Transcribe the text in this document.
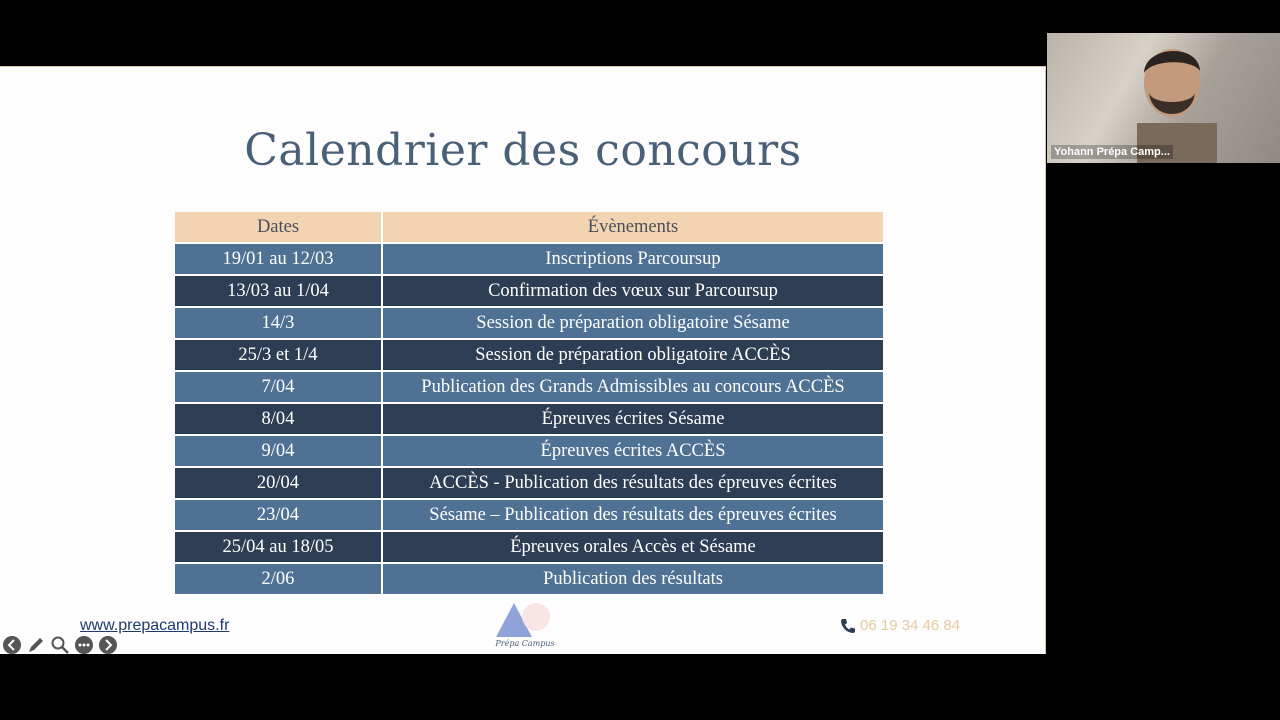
Calendrier des concours
Dates	Évènements
19/01 au 12/03	Inscriptions Parcoursup
13/03 au 1/04	Confirmation des vœux sur Parcoursup
14/3	Session de préparation obligatoire Sésame
25/3 et 1/4	Session de préparation obligatoire ACCÈS
7/04	Publication des Grands Admissibles au concours ACCÈS
8/04	Épreuves écrites Sésame
9/04	Épreuves écrites ACCÈS
20/04	ACCÈS - Publication des résultats des épreuves écrites
23/04	Sésame – Publication des résultats des épreuves écrites
25/04 au 18/05	Épreuves orales Accès et Sésame
2/06	Publication des résultats
www.prepacampus.fr
Prépa Campus
06 19 34 46 84
Yohann Prépa Camp...
